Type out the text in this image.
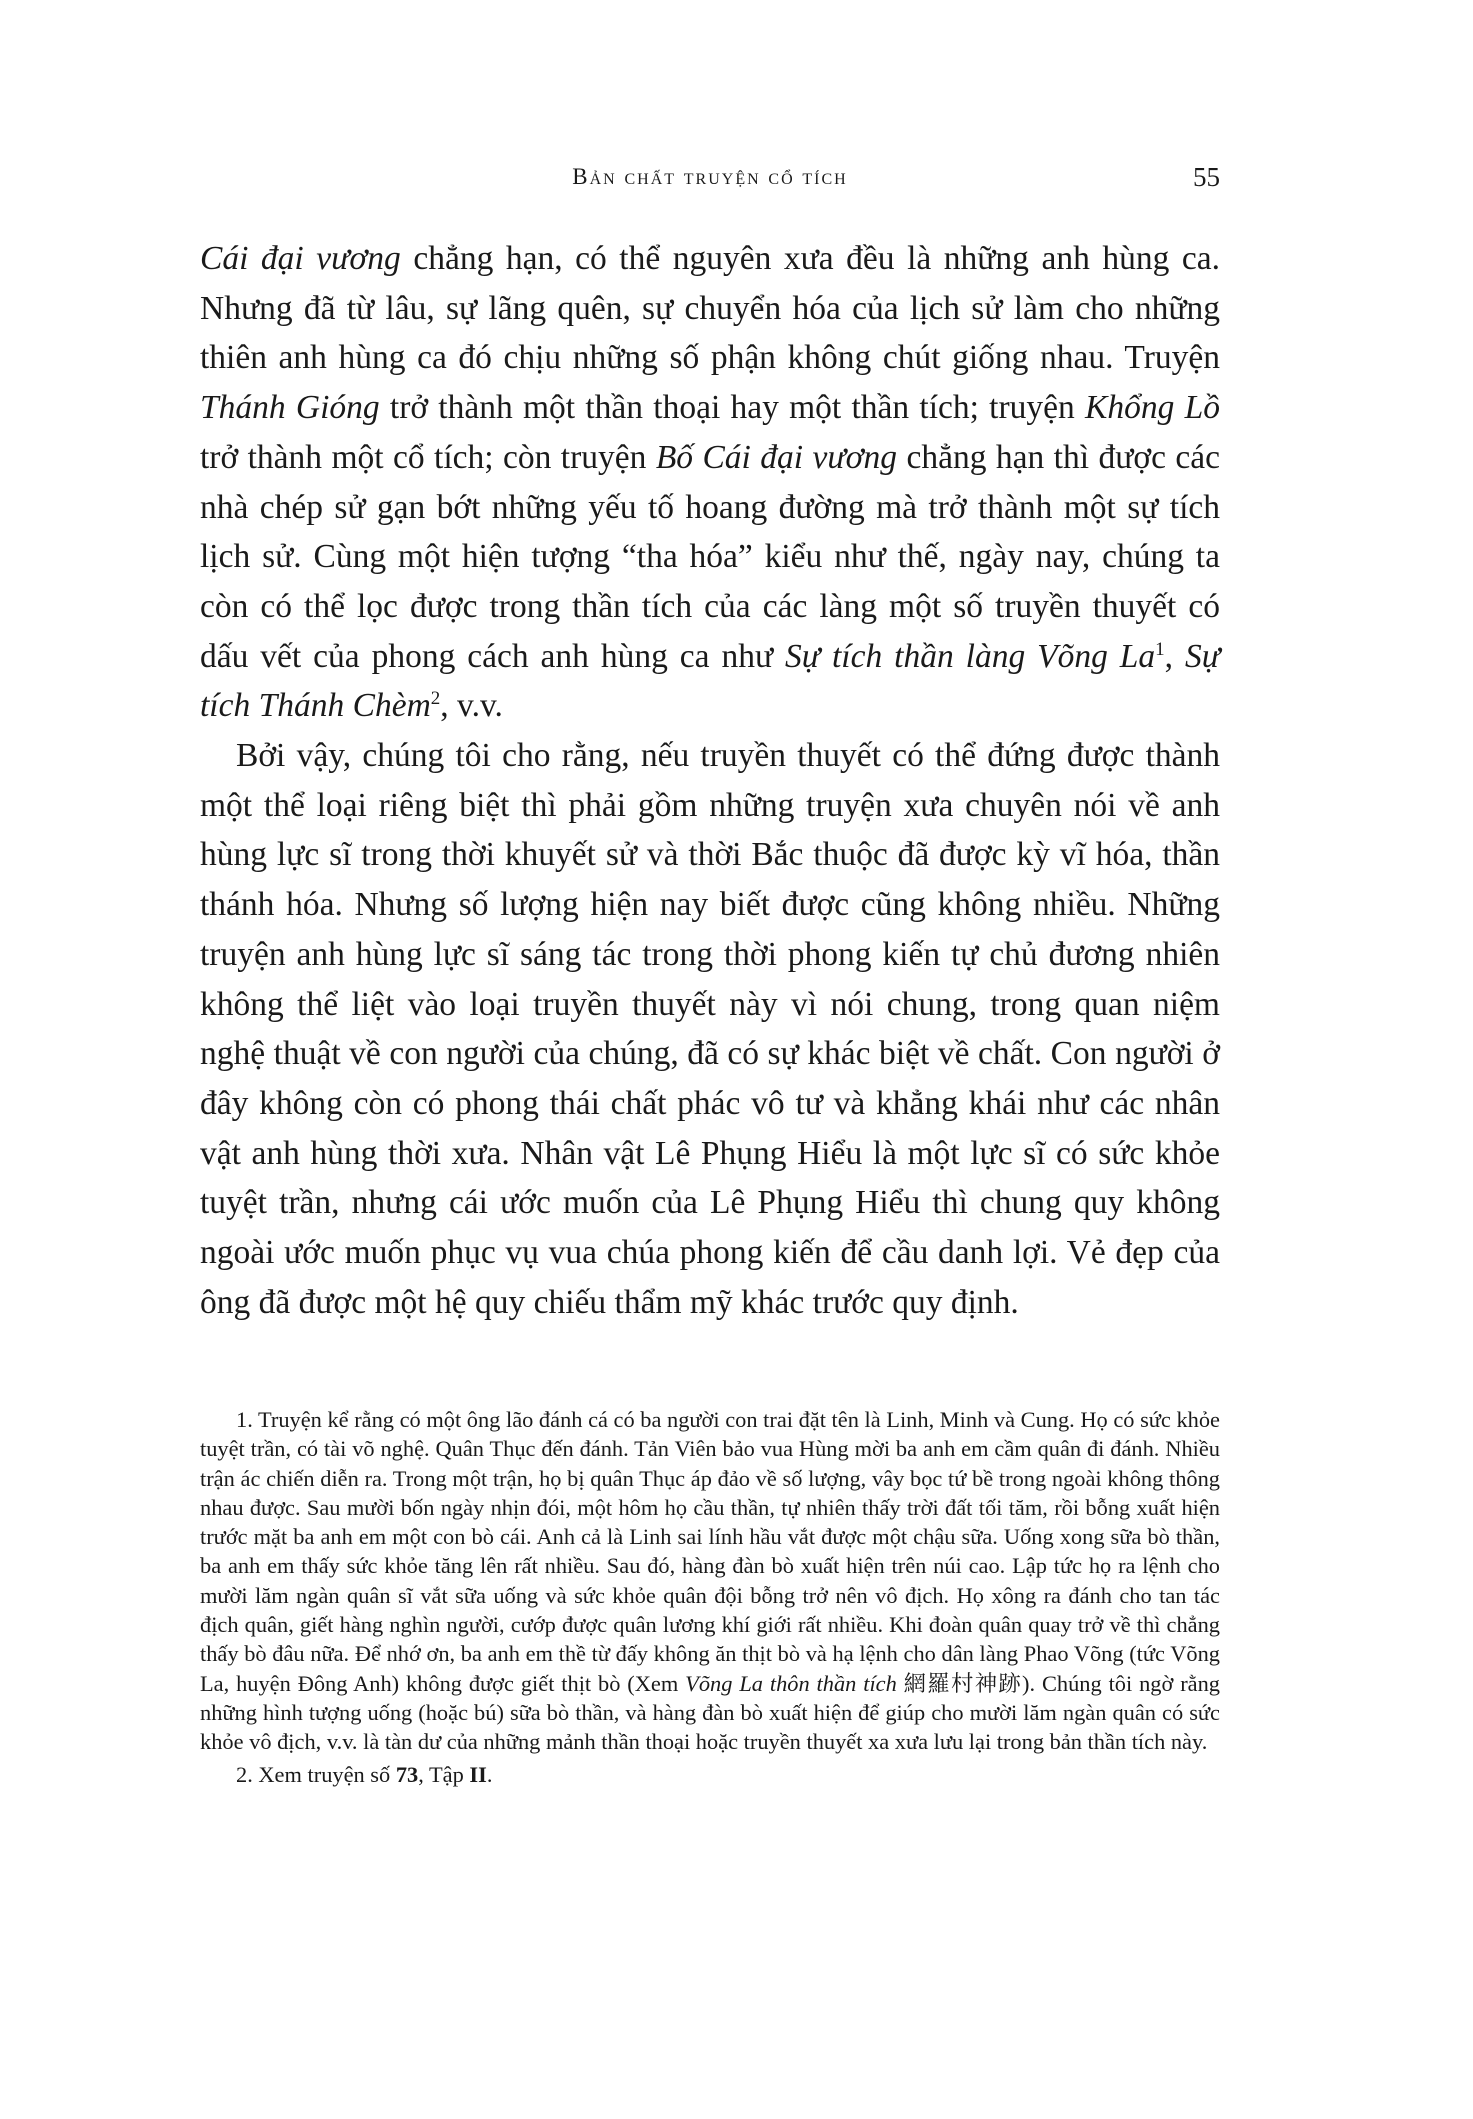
Bản chất truyện cổ tích	55

Cái đại vương chẳng hạn, có thể nguyên xưa đều là những anh hùng ca. Nhưng đã từ lâu, sự lãng quên, sự chuyển hóa của lịch sử làm cho những thiên anh hùng ca đó chịu những số phận không chút giống nhau. Truyện Thánh Gióng trở thành một thần thoại hay một thần tích; truyện Khổng Lồ trở thành một cổ tích; còn truyện Bố Cái đại vương chẳng hạn thì được các nhà chép sử gạn bớt những yếu tố hoang đường mà trở thành một sự tích lịch sử. Cùng một hiện tượng “tha hóa” kiểu như thế, ngày nay, chúng ta còn có thể lọc được trong thần tích của các làng một số truyền thuyết có dấu vết của phong cách anh hùng ca như Sự tích thần làng Võng La$^1$, Sự tích Thánh Chèm$^2$, v.v.

Bởi vậy, chúng tôi cho rằng, nếu truyền thuyết có thể đứng được thành một thể loại riêng biệt thì phải gồm những truyện xưa chuyên nói về anh hùng lực sĩ trong thời khuyết sử và thời Bắc thuộc đã được kỳ vĩ hóa, thần thánh hóa. Nhưng số lượng hiện nay biết được cũng không nhiều. Những truyện anh hùng lực sĩ sáng tác trong thời phong kiến tự chủ đương nhiên không thể liệt vào loại truyền thuyết này vì nói chung, trong quan niệm nghệ thuật về con người của chúng, đã có sự khác biệt về chất. Con người ở đây không còn có phong thái chất phác vô tư và khẳng khái như các nhân vật anh hùng thời xưa. Nhân vật Lê Phụng Hiểu là một lực sĩ có sức khỏe tuyệt trần, nhưng cái ước muốn của Lê Phụng Hiểu thì chung quy không ngoài ước muốn phục vụ vua chúa phong kiến để cầu danh lợi. Vẻ đẹp của ông đã được một hệ quy chiếu thẩm mỹ khác trước quy định.

1. Truyện kể rằng có một ông lão đánh cá có ba người con trai đặt tên là Linh, Minh và Cung. Họ có sức khỏe tuyệt trần, có tài võ nghệ. Quân Thục đến đánh. Tản Viên bảo vua Hùng mời ba anh em cầm quân đi đánh. Nhiều trận ác chiến diễn ra. Trong một trận, họ bị quân Thục áp đảo về số lượng, vây bọc tứ bề trong ngoài không thông nhau được. Sau mười bốn ngày nhịn đói, một hôm họ cầu thần, tự nhiên thấy trời đất tối tăm, rồi bỗng xuất hiện trước mặt ba anh em một con bò cái. Anh cả là Linh sai lính hầu vắt được một chậu sữa. Uống xong sữa bò thần, ba anh em thấy sức khỏe tăng lên rất nhiều. Sau đó, hàng đàn bò xuất hiện trên núi cao. Lập tức họ ra lệnh cho mười lăm ngàn quân sĩ vắt sữa uống và sức khỏe quân đội bỗng trở nên vô địch. Họ xông ra đánh cho tan tác địch quân, giết hàng nghìn người, cướp được quân lương khí giới rất nhiều. Khi đoàn quân quay trở về thì chẳng thấy bò đâu nữa. Để nhớ ơn, ba anh em thề từ đấy không ăn thịt bò và hạ lệnh cho dân làng Phao Võng (tức Võng La, huyện Đông Anh) không được giết thịt bò (Xem Võng La thôn thần tích 網羅村神跡). Chúng tôi ngờ rằng những hình tượng uống (hoặc bú) sữa bò thần, và hàng đàn bò xuất hiện để giúp cho mười lăm ngàn quân có sức khỏe vô địch, v.v. là tàn dư của những mảnh thần thoại hoặc truyền thuyết xa xưa lưu lại trong bản thần tích này.

2. Xem truyện số 73, Tập II.
